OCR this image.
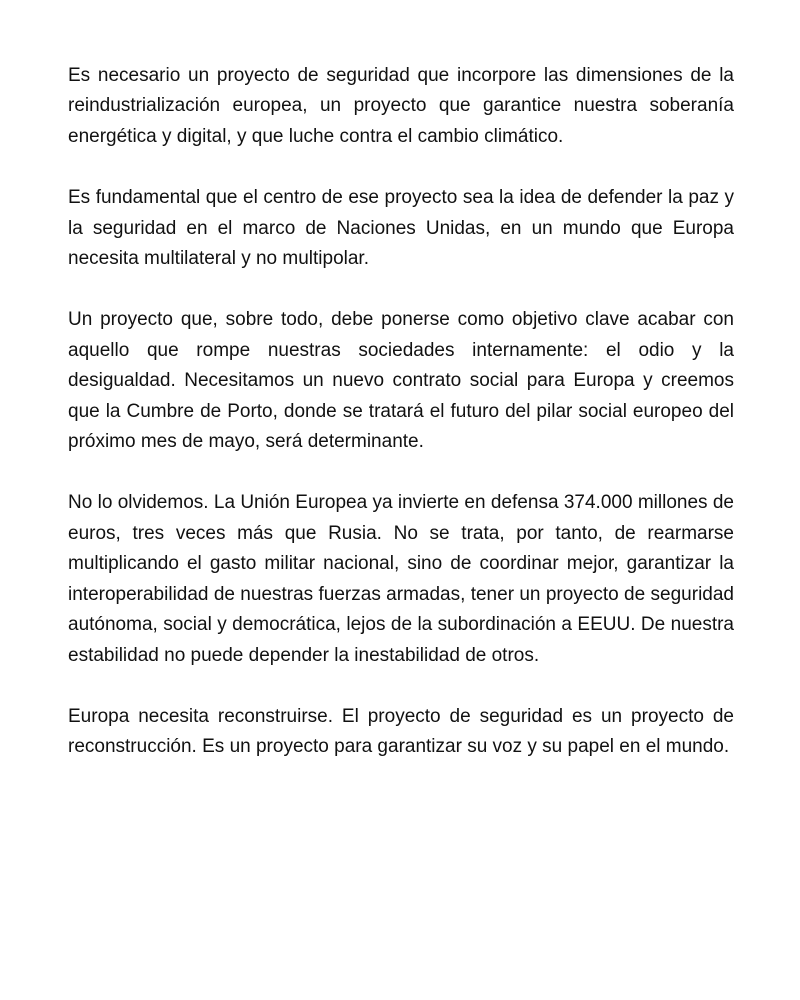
Es necesario un proyecto de seguridad que incorpore las dimensiones de la reindustrialización europea, un proyecto que garantice nuestra soberanía energética y digital, y que luche contra el cambio climático.

Es fundamental que el centro de ese proyecto sea la idea de defender la paz y la seguridad en el marco de Naciones Unidas, en un mundo que Europa necesita multilateral y no multipolar.

Un proyecto que, sobre todo, debe ponerse como objetivo clave acabar con aquello que rompe nuestras sociedades internamente: el odio y la desigualdad. Necesitamos un nuevo contrato social para Europa y creemos que la Cumbre de Porto, donde se tratará el futuro del pilar social europeo del próximo mes de mayo, será determinante.

No lo olvidemos. La Unión Europea ya invierte en defensa 374.000 millones de euros, tres veces más que Rusia. No se trata, por tanto, de rearmarse multiplicando el gasto militar nacional, sino de coordinar mejor, garantizar la interoperabilidad de nuestras fuerzas armadas, tener un proyecto de seguridad autónoma, social y democrática, lejos de la subordinación a EEUU. De nuestra estabilidad no puede depender la inestabilidad de otros.

Europa necesita reconstruirse. El proyecto de seguridad es un proyecto de reconstrucción. Es un proyecto para garantizar su voz y su papel en el mundo.
